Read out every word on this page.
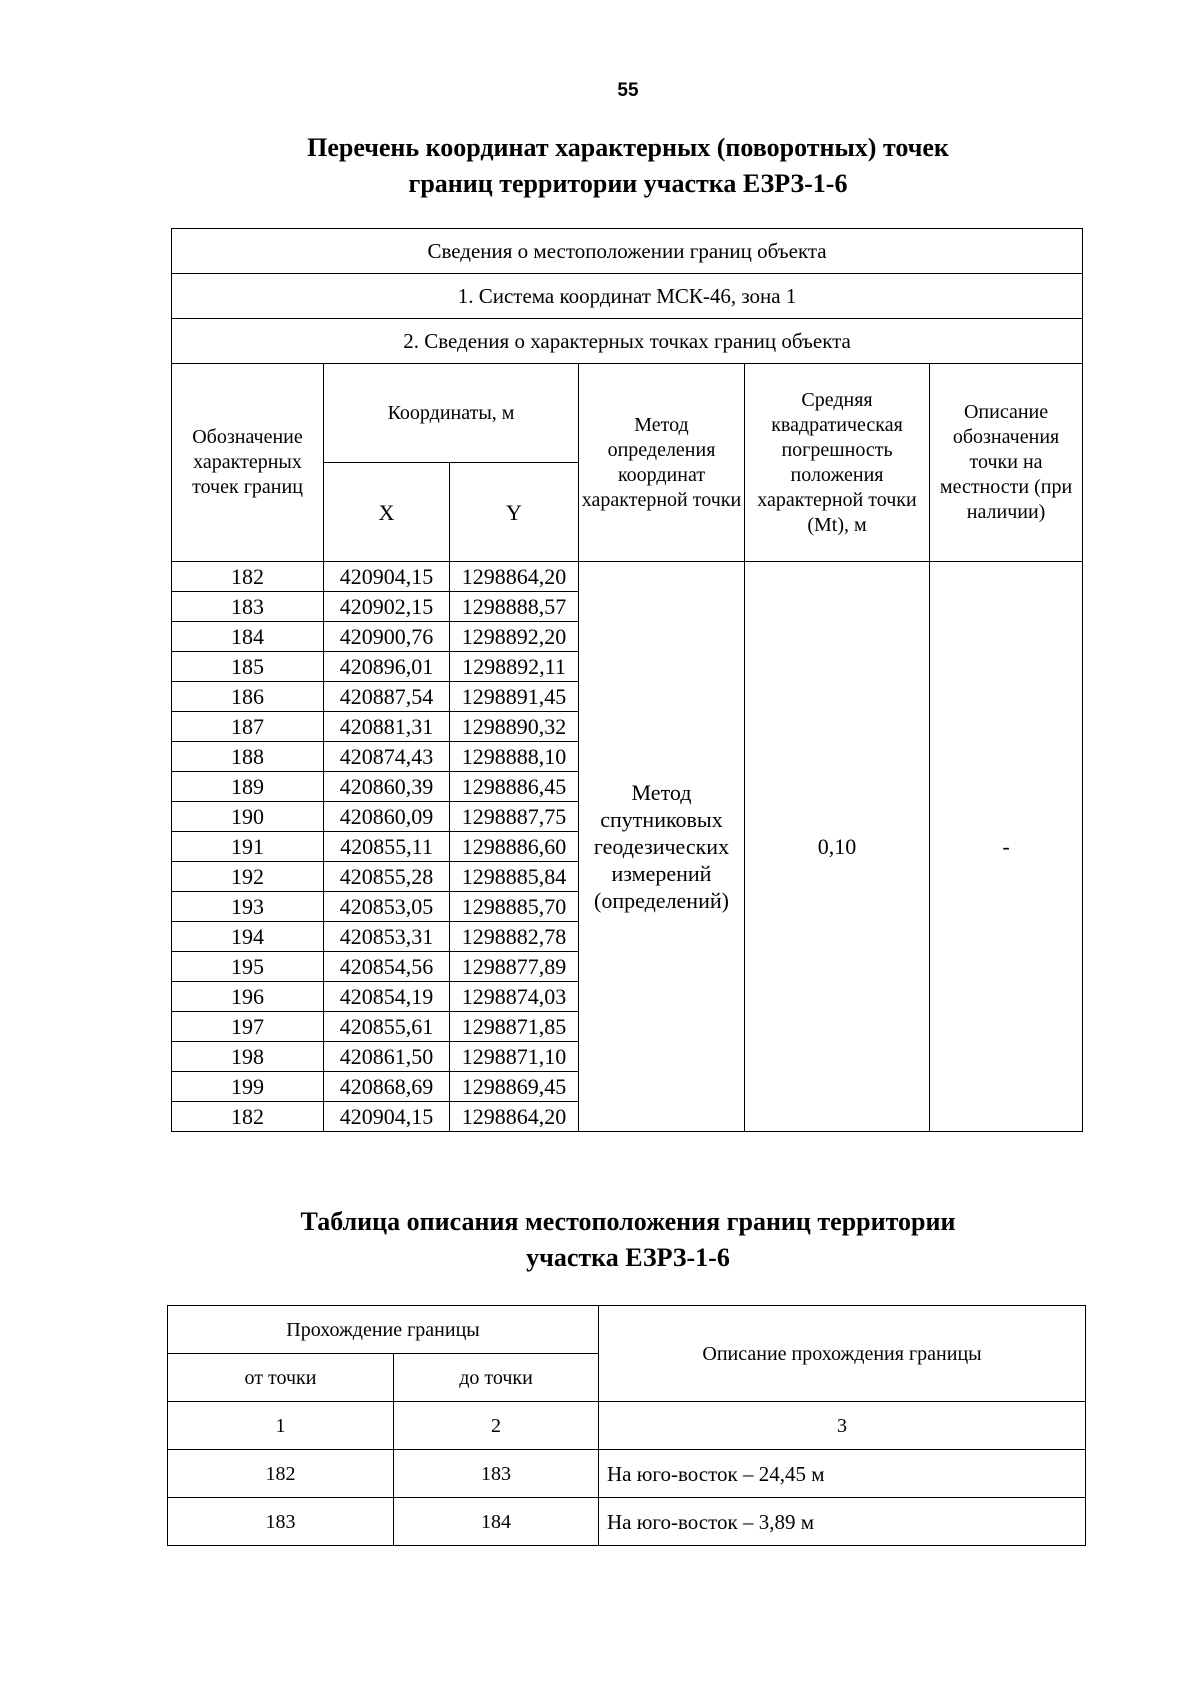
55
Перечень координат характерных (поворотных) точек
границ территории участка ЕЗРЗ-1-6
Сведения о местоположении границ объекта					
1. Система координат МСК-46, зона 1					
2. Сведения о характерных точках границ объекта					
Обозначение характерных точек границ	Координаты, м		Метод определения координат характерной точки	Средняя квадратическая погрешность положения характерной точки (Mt), м	Описание обозначения точки на местности (при наличии)
	X	Y			
182	420904,15	1298864,20	Метод спутниковых геодезических измерений (определений)	0,10	-
183	420902,15	1298888,57			
184	420900,76	1298892,20			
185	420896,01	1298892,11			
186	420887,54	1298891,45			
187	420881,31	1298890,32			
188	420874,43	1298888,10			
189	420860,39	1298886,45			
190	420860,09	1298887,75			
191	420855,11	1298886,60			
192	420855,28	1298885,84			
193	420853,05	1298885,70			
194	420853,31	1298882,78			
195	420854,56	1298877,89			
196	420854,19	1298874,03			
197	420855,61	1298871,85			
198	420861,50	1298871,10			
199	420868,69	1298869,45			
182	420904,15	1298864,20			
Таблица описания местоположения границ территории
участка ЕЗРЗ-1-6
Прохождение границы		Описание прохождения границы
от точки	до точки	
1	2	3
182	183	На юго-восток – 24,45 м
183	184	На юго-восток – 3,89 м
